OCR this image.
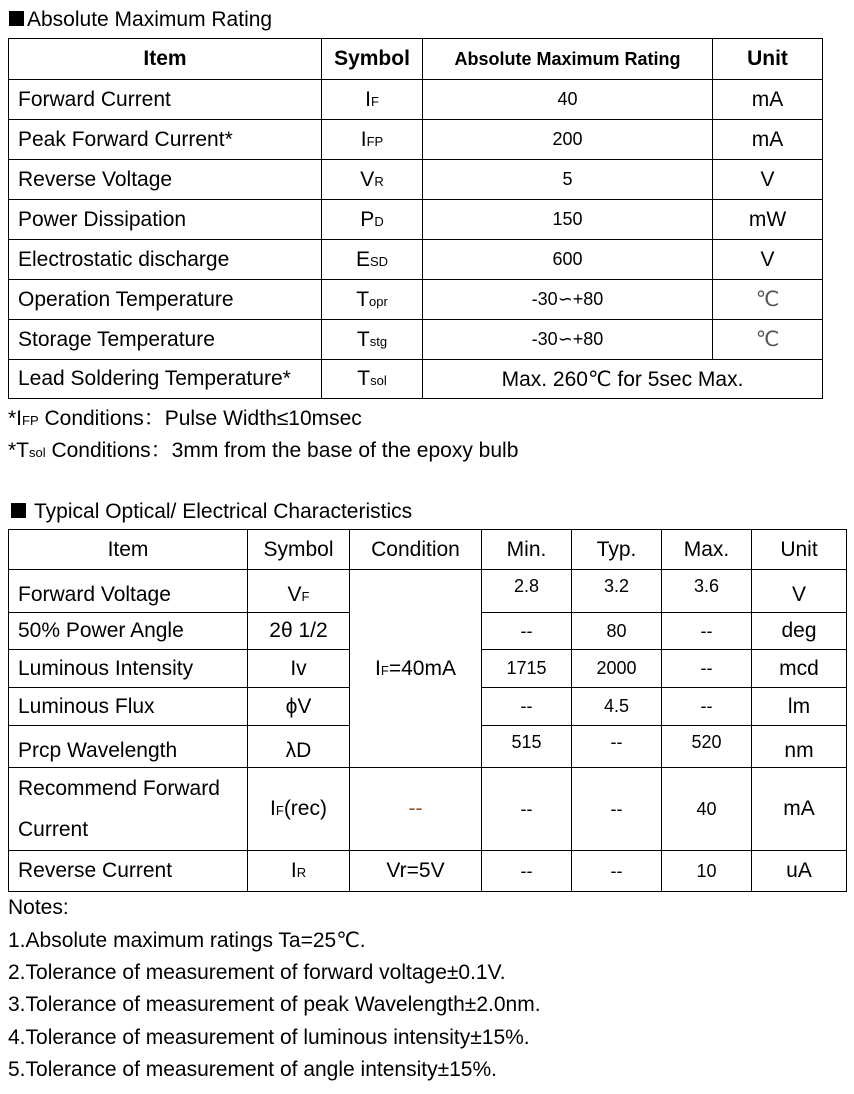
Absolute Maximum Rating
Item	Symbol	Absolute Maximum Rating	Unit
Forward Current	IF	40	mA
Peak Forward Current*	IFP	200	mA
Reverse Voltage	VR	5	V
Power Dissipation	PD	150	mW
Electrostatic discharge	ESD	600	V
Operation Temperature	Topr	-30∽+80	℃
Storage Temperature	Tstg	-30∽+80	℃
Lead Soldering Temperature*	Tsol	Max. 260℃ for 5sec Max.	
*IFP Conditions：Pulse Width≤10msec
*Tsol Conditions：3mm from the base of the epoxy bulb
Typical Optical/ Electrical Characteristics
Item	Symbol	Condition	Min.	Typ.	Max.	Unit
Forward Voltage	VF	IF=40mA	2.8	3.2	3.6	V
50% Power Angle	2θ 1/2		--	80	--	deg
Luminous Intensity	Iv		1715	2000	--	mcd
Luminous Flux	ϕV		--	4.5	--	lm
Prcp Wavelength	λD		515	--	520	nm
Recommend Forward Current	IF(rec)	--	--	--	40	mA
Reverse Current	IR	Vr=5V	--	--	10	uA
Notes:
1.Absolute maximum ratings Ta=25℃.
2.Tolerance of measurement of forward voltage±0.1V.
3.Tolerance of measurement of peak Wavelength±2.0nm.
4.Tolerance of measurement of luminous intensity±15%.
5.Tolerance of measurement of angle intensity±15%.
